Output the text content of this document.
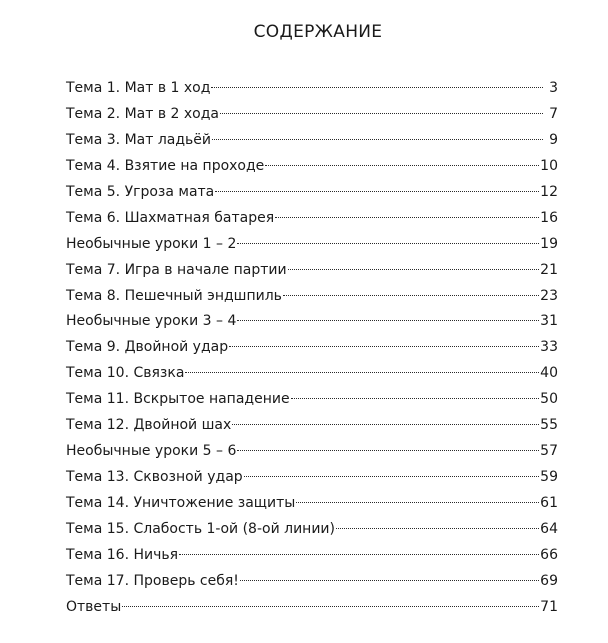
СОДЕРЖАНИЕ
Тема 1. Мат в 1 ход	3
Тема 2. Мат в 2 хода	7
Тема 3. Мат ладьёй	9
Тема 4. Взятие на проходе	10
Тема 5. Угроза мата	12
Тема 6. Шахматная батарея	16
Необычные уроки 1 – 2	19
Тема 7. Игра в начале партии	21
Тема 8. Пешечный эндшпиль	23
Необычные уроки 3 – 4	31
Тема 9. Двойной удар	33
Тема 10. Связка	40
Тема 11. Вскрытое нападение	50
Тема 12. Двойной шах	55
Необычные уроки 5 – 6	57
Тема 13. Сквозной удар	59
Тема 14. Уничтожение защиты	61
Тема 15. Слабость 1-ой (8-ой линии)	64
Тема 16. Ничья	66
Тема 17. Проверь себя!	69
Ответы	71
